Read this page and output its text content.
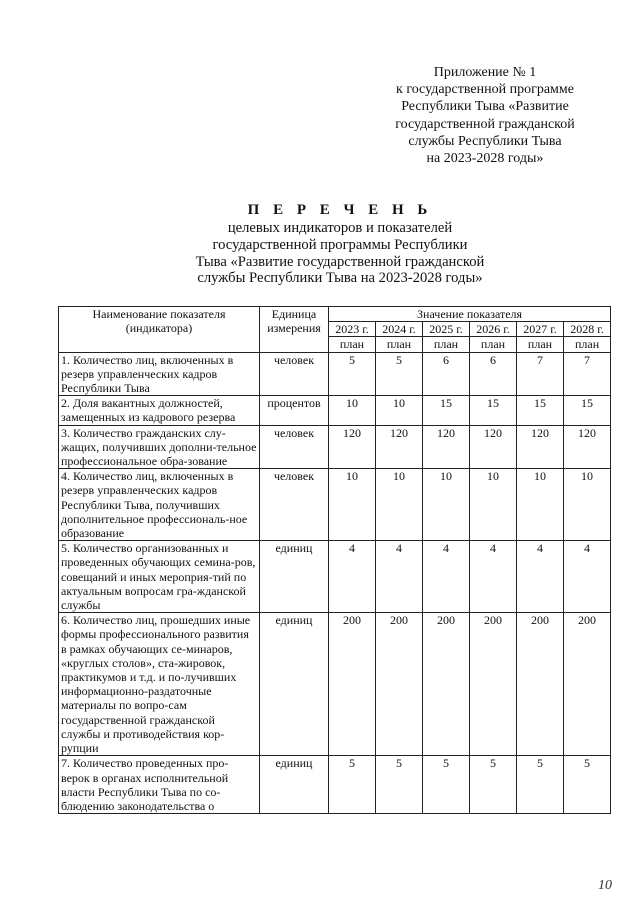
Приложение № 1
к государственной программе
Республики Тыва «Развитие
государственной гражданской
службы Республики Тыва
на 2023-2028 годы»
П Е Р Е Ч Е Н Ь
целевых индикаторов и показателей
государственной программы Республики
Тыва «Развитие государственной гражданской
службы Республики Тыва на 2023-2028 годы»
Наименование показателя (индикатора)	Единица измерения	Значение показателя					
		2023 г.	2024 г.	2025 г.	2026 г.	2027 г.	2028 г.
		план	план	план	план	план	план
1. Количество лиц, включенных в резерв управленческих кадров Республики Тыва	человек	5	5	6	6	7	7
2. Доля вакантных должностей, замещенных из кадрового резерва	процентов	10	10	15	15	15	15
3. Количество гражданских слу-жащих, получивших дополни-тельное профессиональное обра-зование	человек	120	120	120	120	120	120
4. Количество лиц, включенных в резерв управленческих кадров Республики Тыва, получивших дополнительное профессиональ-ное образование	человек	10	10	10	10	10	10
5. Количество организованных и проведенных обучающих семина-ров, совещаний и иных мероприя-тий по актуальным вопросам гра-жданской службы	единиц	4	4	4	4	4	4
6. Количество лиц, прошедших иные формы профессионального развития в рамках обучающих се-минаров, «круглых столов», ста-жировок, практикумов и т.д. и по-лучивших информационно-раздаточные материалы по вопро-сам государственной гражданской службы и противодействия кор-рупции	единиц	200	200	200	200	200	200
7. Количество проведенных про-верок в органах исполнительной власти Республики Тыва по со-блюдению законодательства о	единиц	5	5	5	5	5	5
10
